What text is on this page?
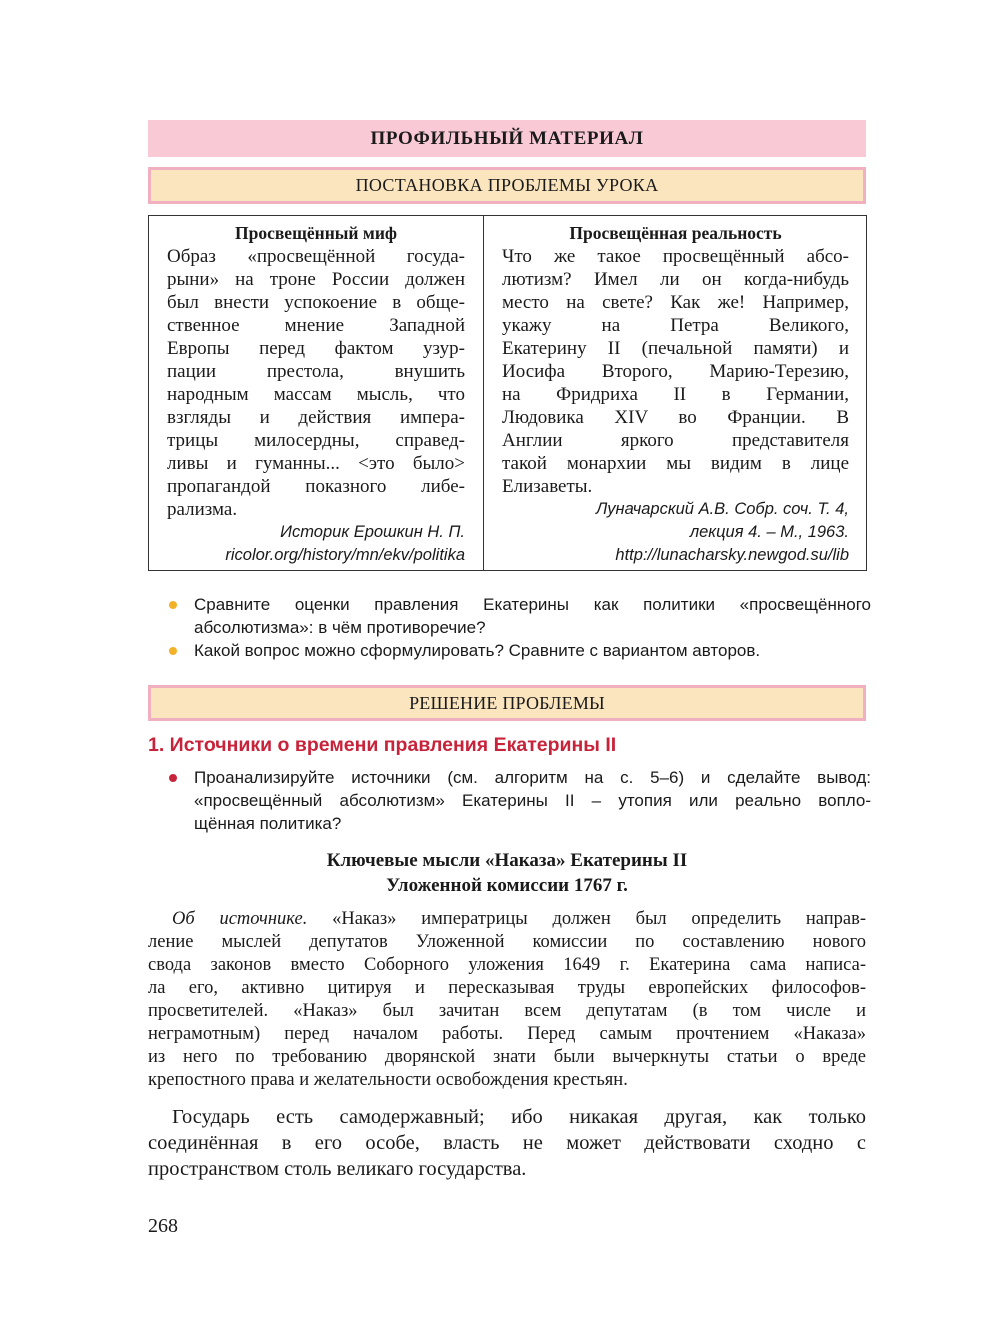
ПРОФИЛЬНЫЙ МАТЕРИАЛ
ПОСТАНОВКА ПРОБЛЕМЫ УРОКА
Просвещённый миф
Образ «просвещённой госуда-
рыни» на троне России должен
был внести успокоение в обще-
ственное мнение Западной
Европы перед фактом узур-
пации престола, внушить
народным массам мысль, что
взгляды и действия импера-
трицы милосердны, справед-
ливы и гуманны... <это было>
пропагандой показного либе-
рализма.
Историк Ерошкин Н. П.
ricolor.org/history/mn/ekv/politika
Просвещённая реальность
Что же такое просвещённый абсо-
лютизм? Имел ли он когда-нибудь
место на свете? Как же! Например,
укажу на Петра Великого,
Екатерину II (печальной памяти) и
Иосифа Второго, Марию-Терезию,
на Фридриха II в Германии,
Людовика XIV во Франции. В
Англии яркого представителя
такой монархии мы видим в лице
Елизаветы.
Луначарский А.В. Собр. соч. Т. 4,
лекция 4. – М., 1963.
http://lunacharsky.newgod.su/lib
Сравните оценки правления Екатерины как политики «просвещённого
абсолютизма»: в чём противоречие?
Какой вопрос можно сформулировать? Сравните с вариантом авторов.
РЕШЕНИЕ ПРОБЛЕМЫ
1. Источники о времени правления Екатерины II
Проанализируйте источники (см. алгоритм на с. 5–6) и сделайте вывод:
«просвещённый абсолютизм» Екатерины II – утопия или реально вопло-
щённая политика?
Ключевые мысли «Наказа» Екатерины II
Уложенной комиссии 1767 г.
Об источнике. «Наказ» императрицы должен был определить направ-
ление мыслей депутатов Уложенной комиссии по составлению нового
свода законов вместо Соборного уложения 1649 г. Екатерина сама написа-
ла его, активно цитируя и пересказывая труды европейских философов-
просветителей. «Наказ» был зачитан всем депутатам (в том числе и
неграмотным) перед началом работы. Перед самым прочтением «Наказа»
из него по требованию дворянской знати были вычеркнуты статьи о вреде
крепостного права и желательности освобождения крестьян.
Государь есть самодержавный; ибо никакая другая, как только
соединённая в его особе, власть не может действовати сходно с
пространством столь великаго государства.
268
